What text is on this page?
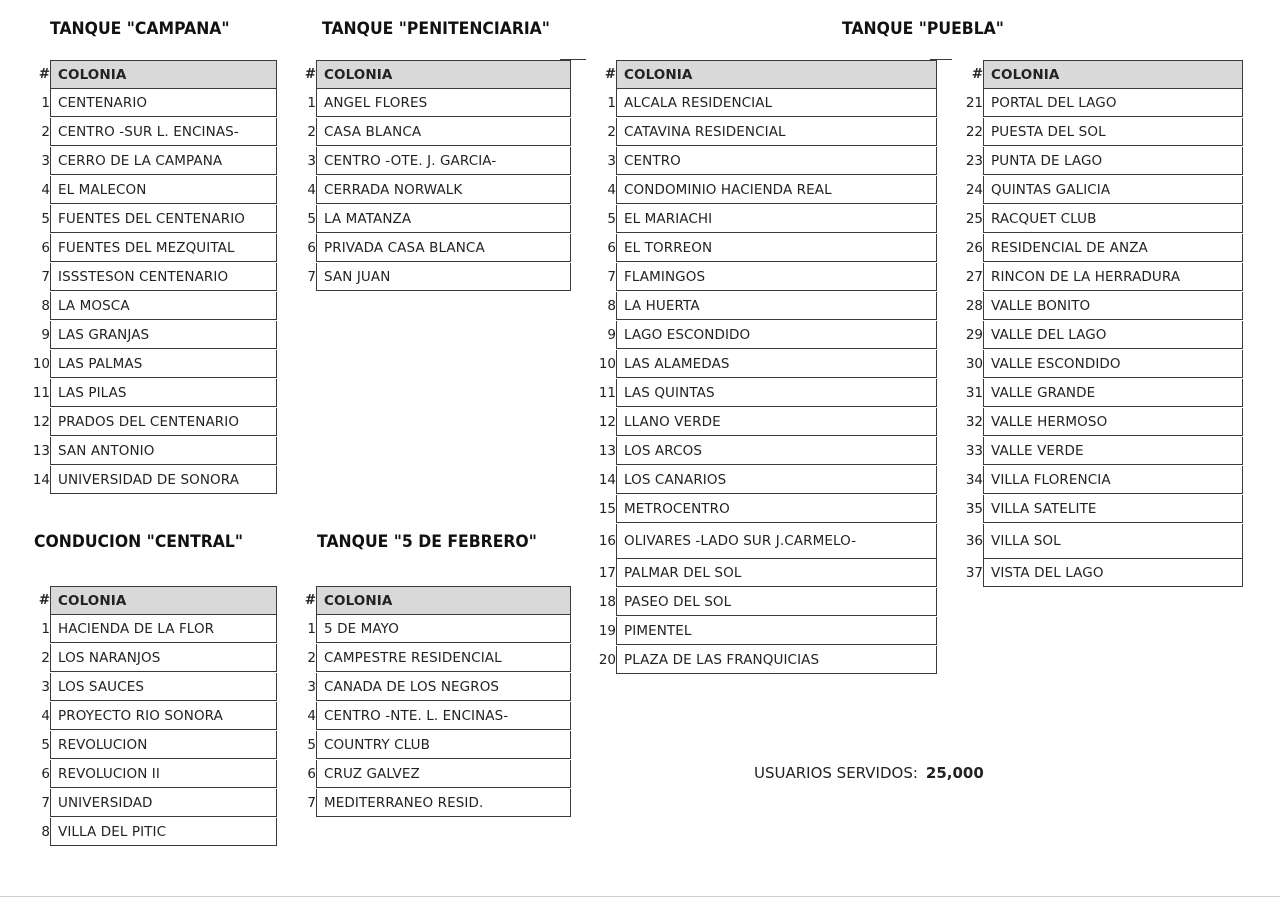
TANQUE "CAMPANA"	TANQUE "PENITENCIARIA"	TANQUE "PUEBLA"
CONDUCION "CENTRAL"	TANQUE "5 DE FEBRERO"
# COLONIA
1 CENTENARIO
2 CENTRO -SUR L. ENCINAS-
3 CERRO DE LA CAMPANA
4 EL MALECON
5 FUENTES DEL CENTENARIO
6 FUENTES DEL MEZQUITAL
7 ISSSTESON CENTENARIO
8 LA MOSCA
9 LAS GRANJAS
10 LAS PALMAS
11 LAS PILAS
12 PRADOS DEL CENTENARIO
13 SAN ANTONIO
14 UNIVERSIDAD DE SONORA
# COLONIA
1 ANGEL FLORES
2 CASA BLANCA
3 CENTRO -OTE. J. GARCIA-
4 CERRADA NORWALK
5 LA MATANZA
6 PRIVADA CASA BLANCA
7 SAN JUAN
# COLONIA
1 ALCALA RESIDENCIAL
2 CATAVINA RESIDENCIAL
3 CENTRO
4 CONDOMINIO HACIENDA REAL
5 EL MARIACHI
6 EL TORREON
7 FLAMINGOS
8 LA HUERTA
9 LAGO ESCONDIDO
10 LAS ALAMEDAS
11 LAS QUINTAS
12 LLANO VERDE
13 LOS ARCOS
14 LOS CANARIOS
15 METROCENTRO
16 OLIVARES -LADO SUR J.CARMELO-
17 PALMAR DEL SOL
18 PASEO DEL SOL
19 PIMENTEL
20 PLAZA DE LAS FRANQUICIAS
# COLONIA
21 PORTAL DEL LAGO
22 PUESTA DEL SOL
23 PUNTA DE LAGO
24 QUINTAS GALICIA
25 RACQUET CLUB
26 RESIDENCIAL DE ANZA
27 RINCON DE LA HERRADURA
28 VALLE BONITO
29 VALLE DEL LAGO
30 VALLE ESCONDIDO
31 VALLE GRANDE
32 VALLE HERMOSO
33 VALLE VERDE
34 VILLA FLORENCIA
35 VILLA SATELITE
36 VILLA SOL
37 VISTA DEL LAGO
# COLONIA
1 HACIENDA DE LA FLOR
2 LOS NARANJOS
3 LOS SAUCES
4 PROYECTO RIO SONORA
5 REVOLUCION
6 REVOLUCION II
7 UNIVERSIDAD
8 VILLA DEL PITIC
# COLONIA
1 5 DE MAYO
2 CAMPESTRE RESIDENCIAL
3 CANADA DE LOS NEGROS
4 CENTRO -NTE. L. ENCINAS-
5 COUNTRY CLUB
6 CRUZ GALVEZ
7 MEDITERRANEO RESID.
USUARIOS SERVIDOS: 25,000
